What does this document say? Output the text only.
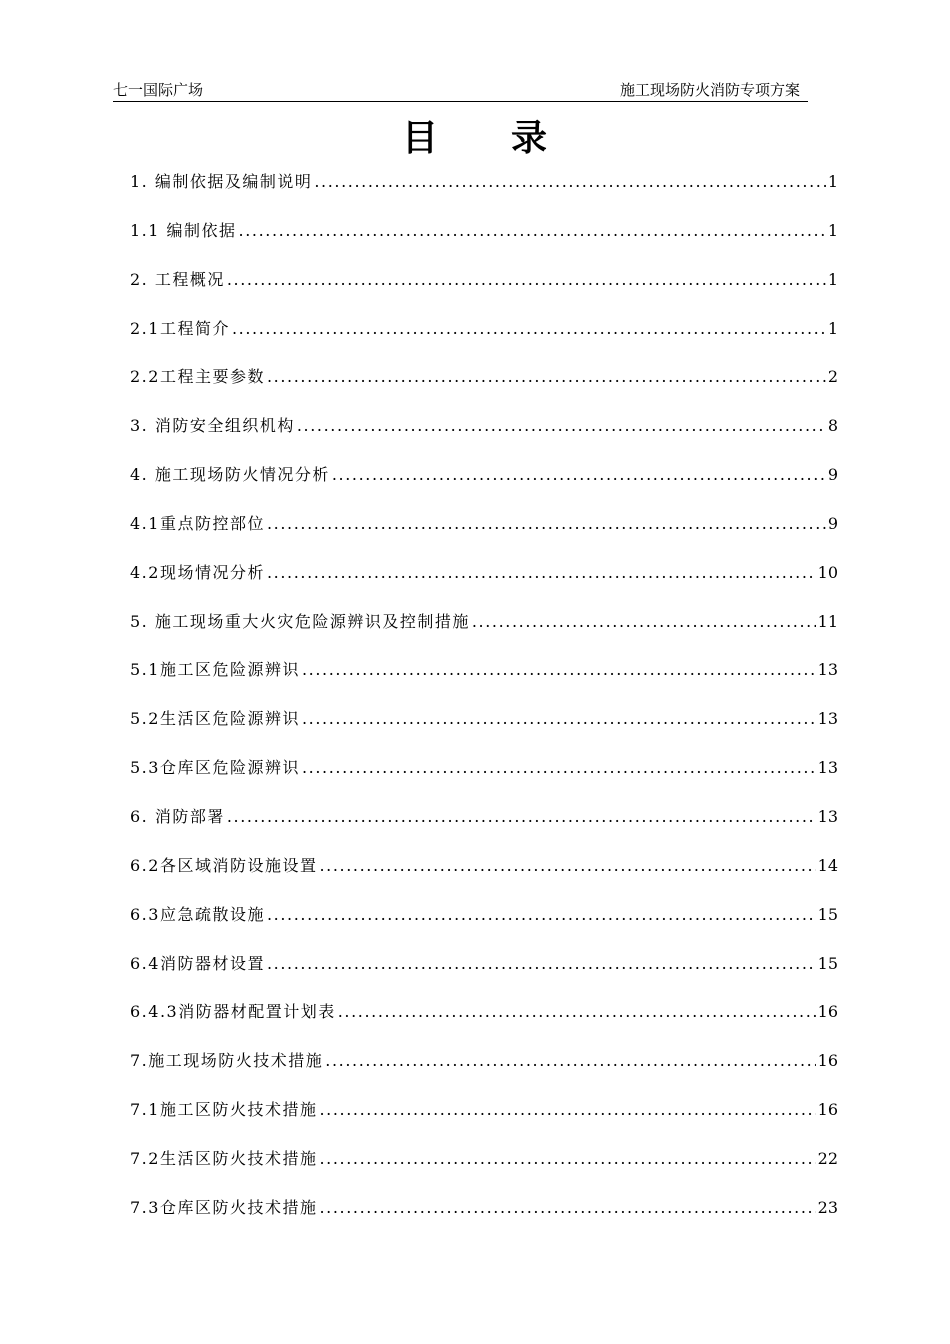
七一国际广场	施工现场防火消防专项方案
目 录
1. 编制依据及编制说明 .....	1
1.1 编制依据 .....	1
2. 工程概况 .....	1
2.1工程简介 .....	1
2.2工程主要参数 .....	2
3. 消防安全组织机构 .....	8
4. 施工现场防火情况分析 .....	9
4.1重点防控部位 .....	9
4.2现场情况分析 .....	10
5. 施工现场重大火灾危险源辨识及控制措施 .....	11
5.1施工区危险源辨识 .....	13
5.2生活区危险源辨识 .....	13
5.3仓库区危险源辨识 .....	13
6. 消防部署 .....	13
6.2各区域消防设施设置 .....	14
6.3应急疏散设施 .....	15
6.4消防器材设置 .....	15
6.4.3消防器材配置计划表 .....	16
7.施工现场防火技术措施 .....	16
7.1施工区防火技术措施 .....	16
7.2生活区防火技术措施 .....	22
7.3仓库区防火技术措施 .....	23
